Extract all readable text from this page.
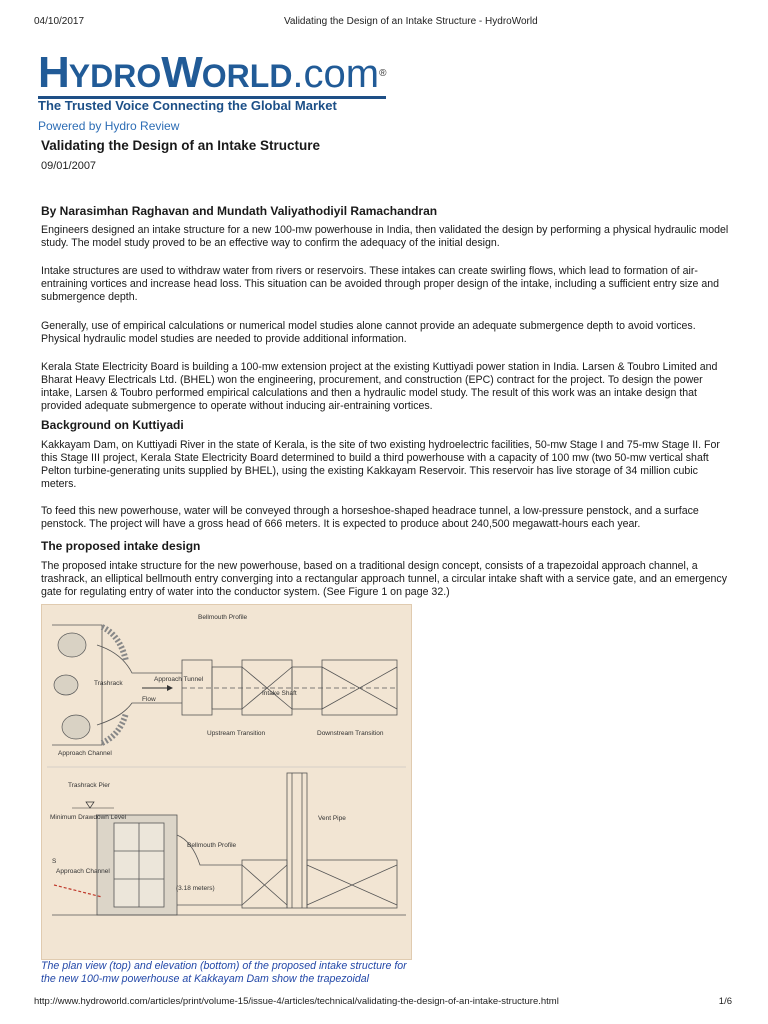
04/10/2017	Validating the Design of an Intake Structure - HydroWorld
HYDROWORLD.com®
The Trusted Voice Connecting the Global Market
Powered by Hydro Review
Validating the Design of an Intake Structure
09/01/2007
By Narasimhan Raghavan and Mundath Valiyathodiyil Ramachandran

Engineers designed an intake structure for a new 100-mw powerhouse in India, then validated the design by performing a physical hydraulic model study. The model study proved to be an effective way to confirm the adequacy of the initial design.

Intake structures are used to withdraw water from rivers or reservoirs. These intakes can create swirling flows, which lead to formation of air-entraining vortices and increase head loss. This situation can be avoided through proper design of the intake, including a sufficient entry size and submergence depth.

Generally, use of empirical calculations or numerical model studies alone cannot provide an adequate submergence depth to avoid vortices. Physical hydraulic model studies are needed to provide additional information.

Kerala State Electricity Board is building a 100-mw extension project at the existing Kuttiyadi power station in India. Larsen & Toubro Limited and Bharat Heavy Electricals Ltd. (BHEL) won the engineering, procurement, and construction (EPC) contract for the project. To design the power intake, Larsen & Toubro performed empirical calculations and then a hydraulic model study. The result of this work was an intake design that provided adequate submergence to operate without inducing air-entraining vortices.

Background on Kuttiyadi

Kakkayam Dam, on Kuttiyadi River in the state of Kerala, is the site of two existing hydroelectric facilities, 50-mw Stage I and 75-mw Stage II. For this Stage III project, Kerala State Electricity Board determined to build a third powerhouse with a capacity of 100 mw (two 50-mw vertical shaft Pelton turbine-generating units supplied by BHEL), using the existing Kakkayam Reservoir. This reservoir has live storage of 34 million cubic meters.

To feed this new powerhouse, water will be conveyed through a horseshoe-shaped headrace tunnel, a low-pressure penstock, and a surface penstock. The project will have a gross head of 666 meters. It is expected to produce about 240,500 megawatt-hours each year.

The proposed intake design

The proposed intake structure for the new powerhouse, based on a traditional design concept, consists of a trapezoidal approach channel, a trashrack, an elliptical bellmouth entry converging into a rectangular approach tunnel, a circular intake shaft with a service gate, and an emergency gate for regulating entry of water into the conductor system. (See Figure 1 on page 32.)

Bellmouth Profile
Trashrack
Approach Tunnel
Flow
Intake Shaft
Upstream Transition	Downstream Transition
Approach Channel
Trashrack Pier
Minimum Drawdown Level	Vent Pipe
Bellmouth Profile
Approach Channel
S
(3.18 meters)

The plan view (top) and elevation (bottom) of the proposed intake structure for the new 100-mw powerhouse at Kakkayam Dam show the trapezoidal

http://www.hydroworld.com/articles/print/volume-15/issue-4/articles/technical/validating-the-design-of-an-intake-structure.html	1/6
